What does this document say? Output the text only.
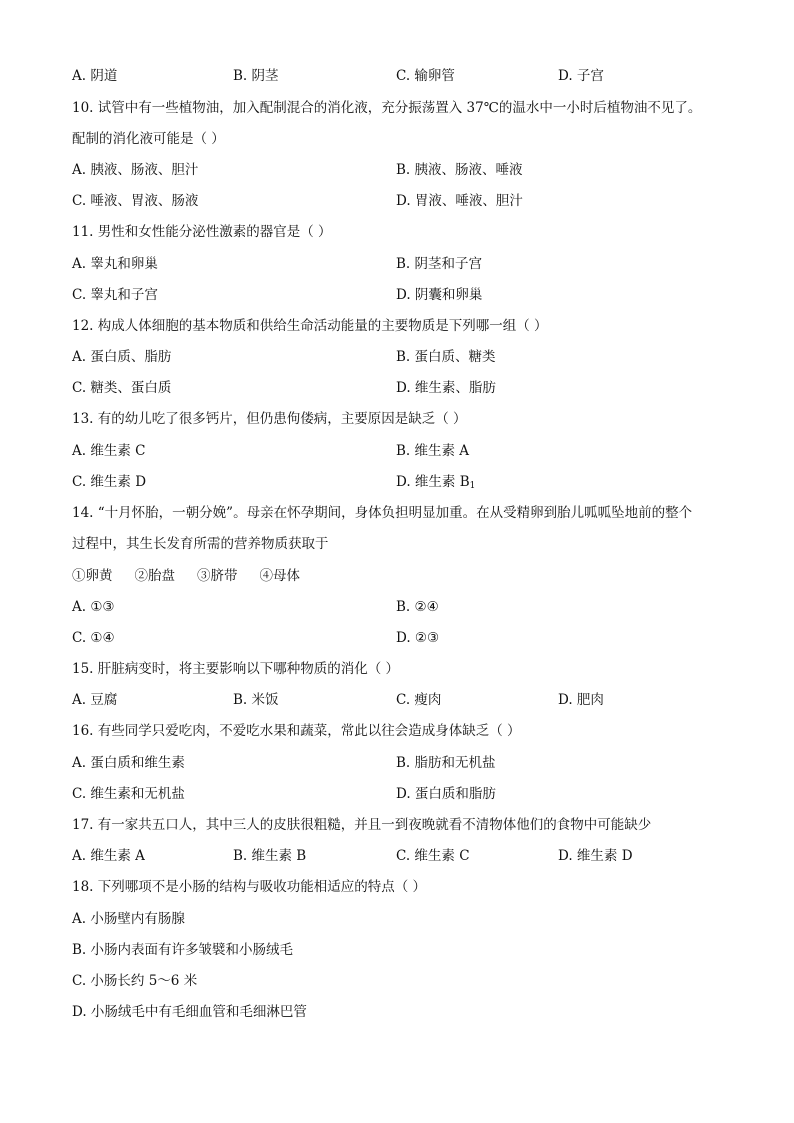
A. 阴道	B. 阴茎	C. 输卵管	D. 子宫
10. 试管中有一些植物油，加入配制混合的消化液，充分振荡置入 37℃的温水中一小时后植物油不见了。
配制的消化液可能是（ ）
A. 胰液、肠液、胆汁	B. 胰液、肠液、唾液
C. 唾液、胃液、肠液	D. 胃液、唾液、胆汁
11. 男性和女性能分泌性激素的器官是（ ）
A. 睾丸和卵巢	B. 阴茎和子宫
C. 睾丸和子宫	D. 阴囊和卵巢
12. 构成人体细胞的基本物质和供给生命活动能量的主要物质是下列哪一组（ ）
A. 蛋白质、脂肪	B. 蛋白质、糖类
C. 糖类、蛋白质	D. 维生素、脂肪
13. 有的幼儿吃了很多钙片，但仍患佝偻病，主要原因是缺乏（ ）
A. 维生素 C	B. 维生素 A
C. 维生素 D	D. 维生素 $B_1$
14. “十月怀胎，一朝分娩”。母亲在怀孕期间，身体负担明显加重。在从受精卵到胎儿呱呱坠地前的整个
过程中，其生长发育所需的营养物质获取于
①卵黄 ②胎盘 ③脐带 ④母体
A. ①③	B. ②④
C. ①④	D. ②③
15. 肝脏病变时，将主要影响以下哪种物质的消化（ ）
A. 豆腐	B. 米饭	C. 瘦肉	D. 肥肉
16. 有些同学只爱吃肉，不爱吃水果和蔬菜，常此以往会造成身体缺乏（ ）
A. 蛋白质和维生素	B. 脂肪和无机盐
C. 维生素和无机盐	D. 蛋白质和脂肪
17. 有一家共五口人，其中三人的皮肤很粗糙，并且一到夜晚就看不清物体他们的食物中可能缺少
A. 维生素 A	B. 维生素 B	C. 维生素 C	D. 维生素 D
18. 下列哪项不是小肠的结构与吸收功能相适应的特点（ ）
A. 小肠壁内有肠腺
B. 小肠内表面有许多皱襞和小肠绒毛
C. 小肠长约 5～6 米
D. 小肠绒毛中有毛细血管和毛细淋巴管
